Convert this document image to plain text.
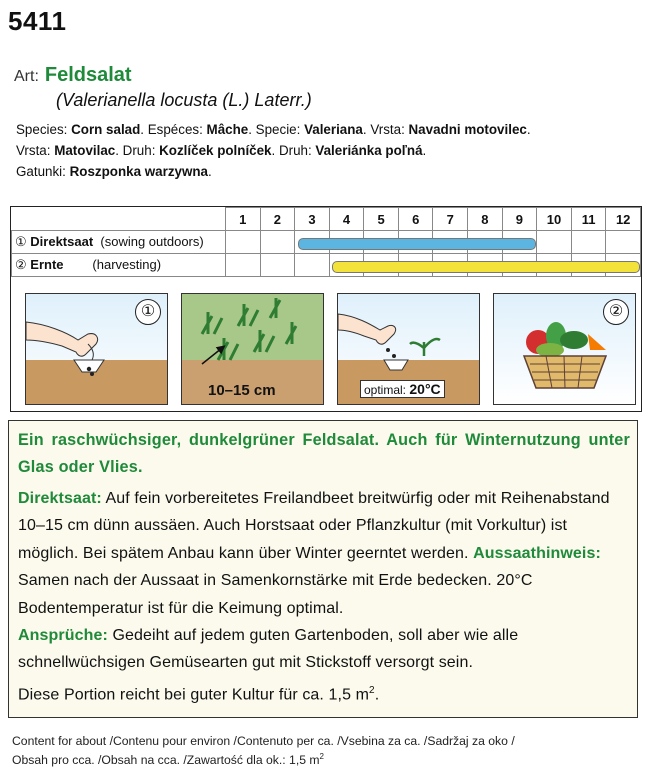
5411
Art: Feldsalat
(Valerianella locusta (L.) Laterr.)
Species: Corn salad. Espéces: Mâche. Specie: Valeriana. Vrsta: Navadni motovilec.
Vrsta: Matovilac. Druh: Kozlíček polníček. Druh: Valeriánka poľná.
Gatunki: Roszponka warzywna.
	1	2	3	4	5	6	7	8	9	10	11	12
① Direktsaat (sowing outdoors)												
② Ernte (harvesting)												
①
10–15 cm	optimal: 20°C
②
Ein raschwüchsiger, dunkelgrüner Feldsalat. Auch für Winternutzung unter Glas oder Vlies.
Direktsaat: Auf fein vorbereitetes Freilandbeet breitwürfig oder mit Reihenabstand 10–15 cm dünn aussäen. Auch Horstsaat oder Pflanzkultur (mit Vorkultur) ist möglich. Bei spätem Anbau kann über Winter geerntet werden. Aussaathinweis: Samen nach der Aussaat in Samenkornstärke mit Erde bedecken. 20°C Bodentemperatur ist für die Keimung optimal.
Ansprüche: Gedeiht auf jedem guten Gartenboden, soll aber wie alle schnellwüchsigen Gemüsearten gut mit Stickstoff versorgt sein.
Diese Portion reicht bei guter Kultur für ca. 1,5 $m^2$.
Content for about /Contenu pour environ /Contenuto per ca. /Vsebina za ca. /Sadržaj za oko /
Obsah pro cca. /Obsah na cca. /Zawartość dla ok.: 1,5 $m^2$
